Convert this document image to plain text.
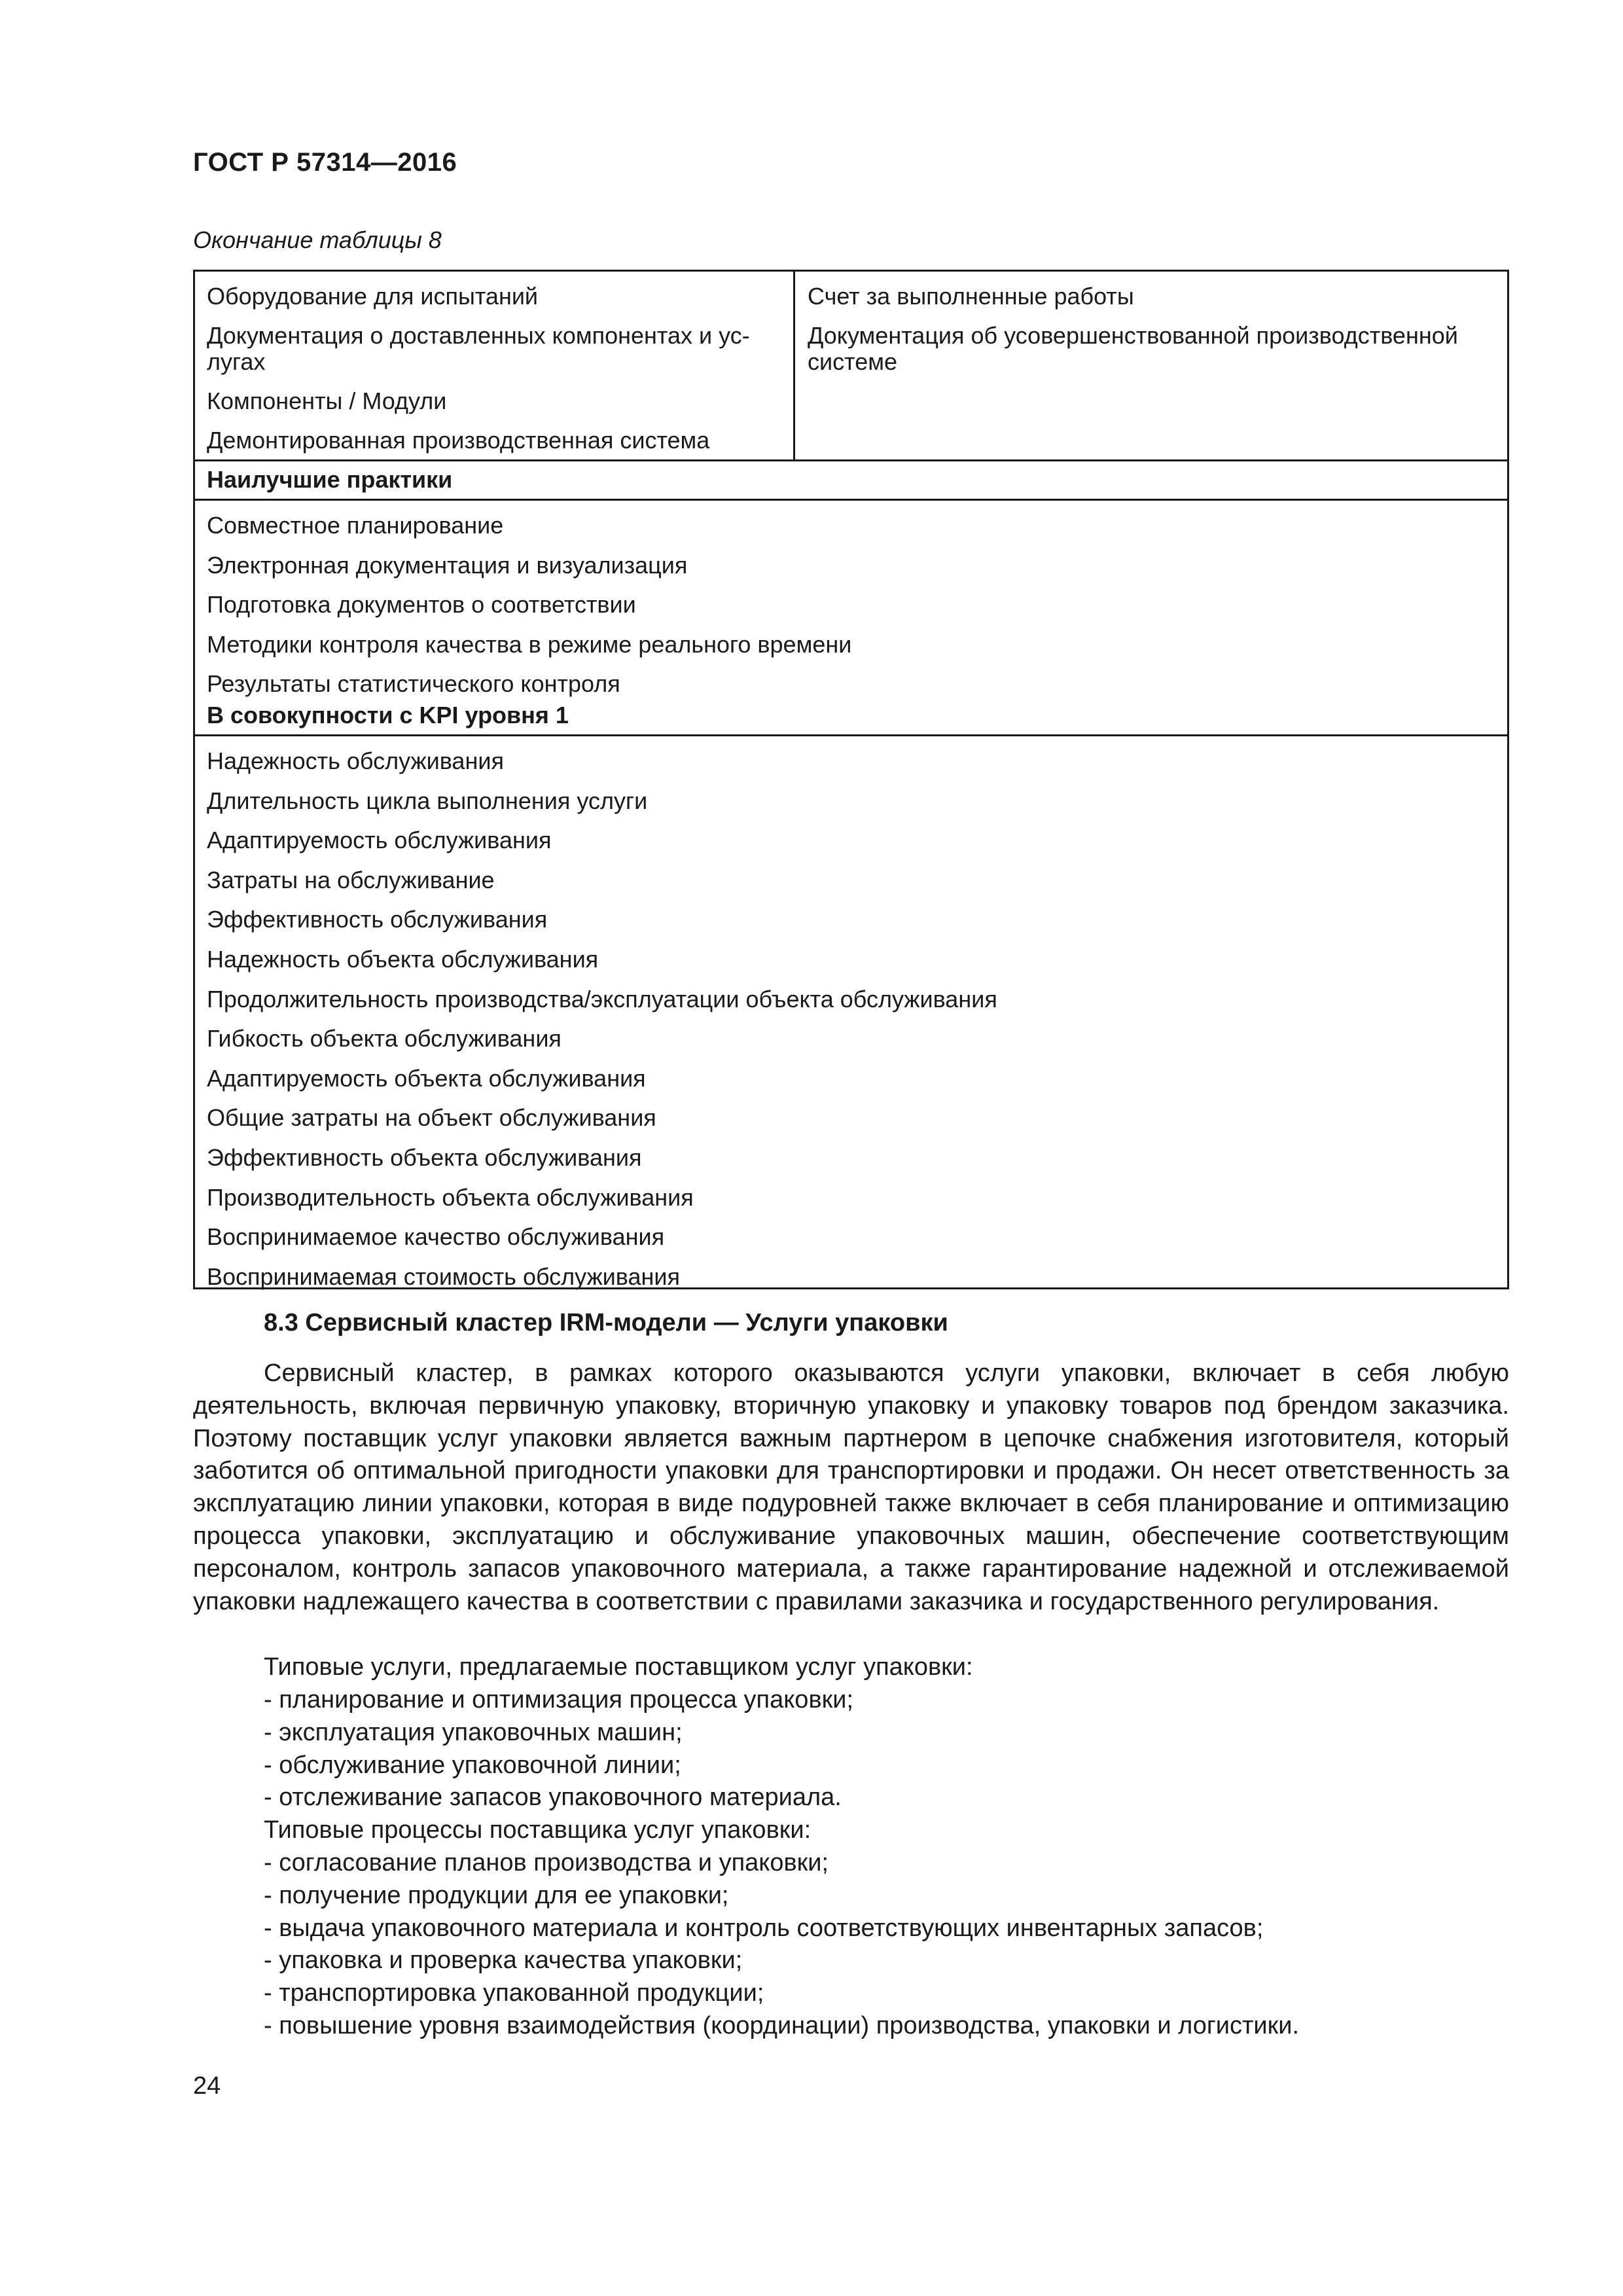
ГОСТ Р 57314—2016
Окончание таблицы 8
Оборудование для испытаний
Документация о доставленных компонентах и ус-
лугах
Компоненты / Модули
Демонтированная производственная система
Счет за выполненные работы
Документация об усовершенствованной производственной
системе
Наилучшие практики
Совместное планирование
Электронная документация и визуализация
Подготовка документов о соответствии
Методики контроля качества в режиме реального времени
Результаты статистического контроля
В совокупности с KPI уровня 1
Надежность обслуживания
Длительность цикла выполнения услуги
Адаптируемость обслуживания
Затраты на обслуживание
Эффективность обслуживания
Надежность объекта обслуживания
Продолжительность производства/эксплуатации объекта обслуживания
Гибкость объекта обслуживания
Адаптируемость объекта обслуживания
Общие затраты на объект обслуживания
Эффективность объекта обслуживания
Производительность объекта обслуживания
Воспринимаемое качество обслуживания
Воспринимаемая стоимость обслуживания
8.3 Сервисный кластер IRM-модели — Услуги упаковки
Сервисный кластер, в рамках которого оказываются услуги упаковки, включает в себя любую деятельность, включая первичную упаковку, вторичную упаковку и упаковку товаров под брендом заказчика. Поэтому поставщик услуг упаковки является важным партнером в цепочке снабжения изготовителя, который заботится об оптимальной пригодности упаковки для транспортировки и продажи. Он несет ответственность за эксплуатацию линии упаковки, которая в виде подуровней также включает в себя планирование и оптимизацию процесса упаковки, эксплуатацию и обслуживание упаковочных машин, обеспечение соответствующим персоналом, контроль запасов упаковочного материала, а также гарантирование надежной и отслеживаемой упаковки надлежащего качества в соответствии с правилами заказчика и государственного регулирования.
Типовые услуги, предлагаемые поставщиком услуг упаковки:
- планирование и оптимизация процесса упаковки;
- эксплуатация упаковочных машин;
- обслуживание упаковочной линии;
- отслеживание запасов упаковочного материала.
Типовые процессы поставщика услуг упаковки:
- согласование планов производства и упаковки;
- получение продукции для ее упаковки;
- выдача упаковочного материала и контроль соответствующих инвентарных запасов;
- упаковка и проверка качества упаковки;
- транспортировка упакованной продукции;
- повышение уровня взаимодействия (координации) производства, упаковки и логистики.
24
